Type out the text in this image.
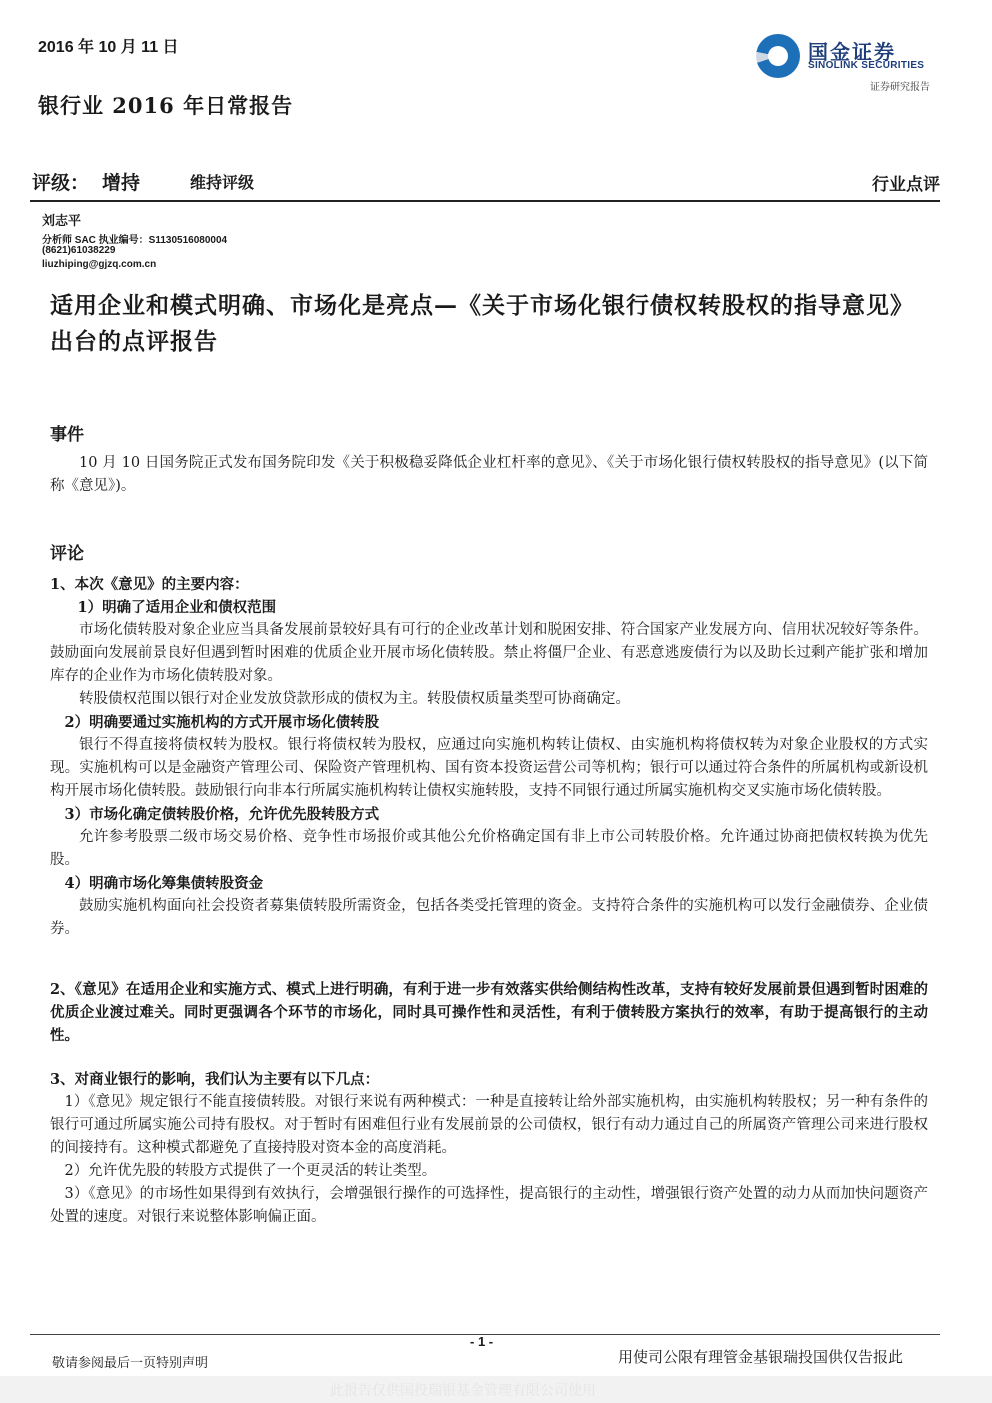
2016 年 10 月 11 日	国金证券
SINOLINK SECURITIES
证券研究报告
银行业 2016 年日常报告
评级： 增持	维持评级	行业点评
刘志平
分析师 SAC 执业编号：S1130516080004
(8621)61038229
liuzhiping@gjzq.com.cn
适用企业和模式明确、市场化是亮点—《关于市场化银行债权转股权的指导意见》出台的点评报告
事件
10 月 10 日国务院正式发布国务院印发《关于积极稳妥降低企业杠杆率的意见》、《关于市场化银行债权转股权的指导意见》(以下简称《意见》)。
评论
1、本次《意见》的主要内容：
1）明确了适用企业和债权范围
市场化债转股对象企业应当具备发展前景较好具有可行的企业改革计划和脱困安排、符合国家产业发展方向、信用状况较好等条件。鼓励面向发展前景良好但遇到暂时困难的优质企业开展市场化债转股。禁止将僵尸企业、有恶意逃废债行为以及助长过剩产能扩张和增加库存的企业作为市场化债转股对象。
转股债权范围以银行对企业发放贷款形成的债权为主。转股债权质量类型可协商确定。
2）明确要通过实施机构的方式开展市场化债转股
银行不得直接将债权转为股权。银行将债权转为股权，应通过向实施机构转让债权、由实施机构将债权转为对象企业股权的方式实现。实施机构可以是金融资产管理公司、保险资产管理机构、国有资本投资运营公司等机构；银行可以通过符合条件的所属机构或新设机构开展市场化债转股。鼓励银行向非本行所属实施机构转让债权实施转股，支持不同银行通过所属实施机构交叉实施市场化债转股。
3）市场化确定债转股价格，允许优先股转股方式
允许参考股票二级市场交易价格、竞争性市场报价或其他公允价格确定国有非上市公司转股价格。允许通过协商把债权转换为优先股。
4）明确市场化筹集债转股资金
鼓励实施机构面向社会投资者募集债转股所需资金，包括各类受托管理的资金。支持符合条件的实施机构可以发行金融债券、企业债券。
2、《意见》在适用企业和实施方式、模式上进行明确，有利于进一步有效落实供给侧结构性改革，支持有较好发展前景但遇到暂时困难的优质企业渡过难关。同时更强调各个环节的市场化，同时具可操作性和灵活性，有利于债转股方案执行的效率，有助于提高银行的主动性。
3、对商业银行的影响，我们认为主要有以下几点：
1）《意见》规定银行不能直接债转股。对银行来说有两种模式：一种是直接转让给外部实施机构，由实施机构转股权；另一种有条件的银行可通过所属实施公司持有股权。对于暂时有困难但行业有发展前景的公司债权，银行有动力通过自己的所属资产管理公司来进行股权的间接持有。这种模式都避免了直接持股对资本金的高度消耗。
2）允许优先股的转股方式提供了一个更灵活的转让类型。
3）《意见》的市场性如果得到有效执行，会增强银行操作的可选择性，提高银行的主动性，增强银行资产处置的动力从而加快问题资产处置的速度。对银行来说整体影响偏正面。
- 1 -
敬请参阅最后一页特别声明	用使司公限有理管金基银瑞投国供仅告报此
此报告仅供国投瑞银基金管理有限公司使用
